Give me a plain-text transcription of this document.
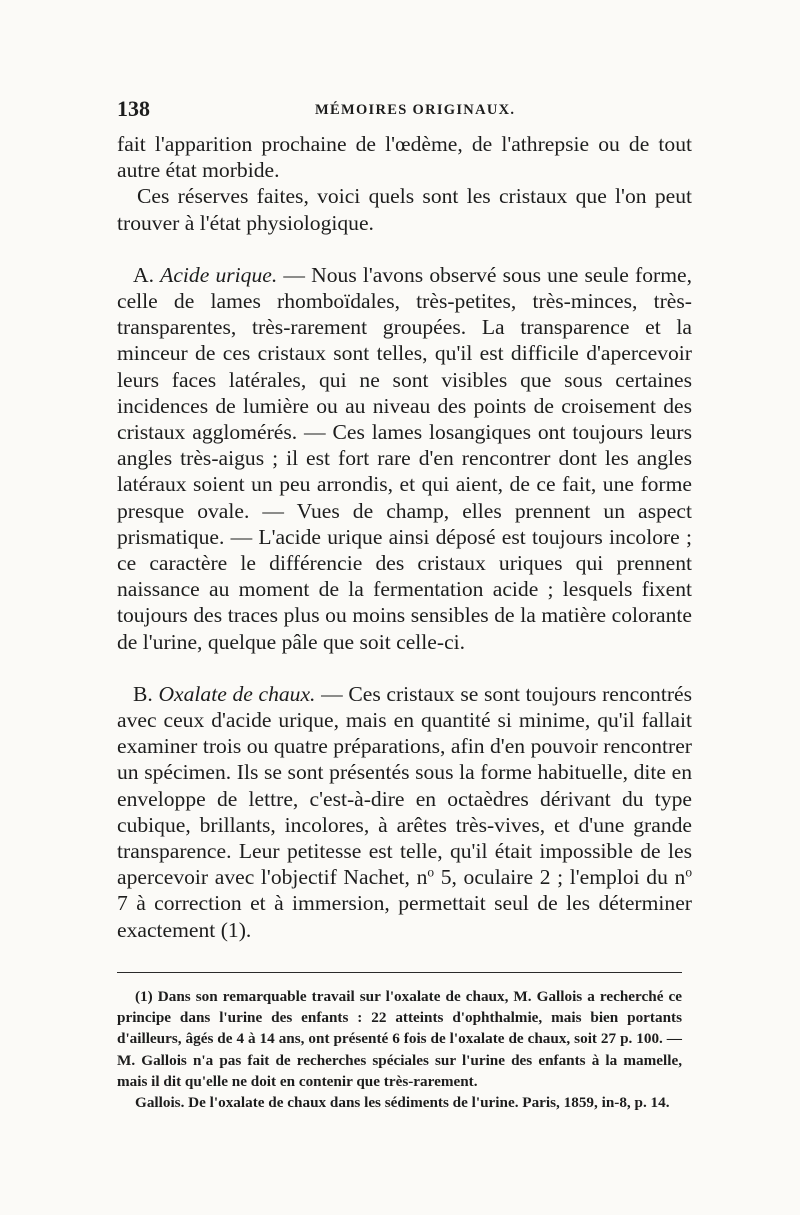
138	MÉMOIRES ORIGINAUX.

fait l'apparition prochaine de l'œdème, de l'athrepsie ou de tout autre état morbide.

Ces réserves faites, voici quels sont les cristaux que l'on peut trouver à l'état physiologique.

A. Acide urique. — Nous l'avons observé sous une seule forme, celle de lames rhomboïdales, très-petites, très-minces, très-transparentes, très-rarement groupées. La transparence et la minceur de ces cristaux sont telles, qu'il est difficile d'apercevoir leurs faces latérales, qui ne sont visibles que sous certaines incidences de lumière ou au niveau des points de croisement des cristaux agglomérés. — Ces lames losangiques ont toujours leurs angles très-aigus ; il est fort rare d'en rencontrer dont les angles latéraux soient un peu arrondis, et qui aient, de ce fait, une forme presque ovale. — Vues de champ, elles prennent un aspect prismatique. — L'acide urique ainsi déposé est toujours incolore ; ce caractère le différencie des cristaux uriques qui prennent naissance au moment de la fermentation acide ; lesquels fixent toujours des traces plus ou moins sensibles de la matière colorante de l'urine, quelque pâle que soit celle-ci.

B. Oxalate de chaux. — Ces cristaux se sont toujours rencontrés avec ceux d'acide urique, mais en quantité si minime, qu'il fallait examiner trois ou quatre préparations, afin d'en pouvoir rencontrer un spécimen. Ils se sont présentés sous la forme habituelle, dite en enveloppe de lettre, c'est-à-dire en octaèdres dérivant du type cubique, brillants, incolores, à arêtes très-vives, et d'une grande transparence. Leur petitesse est telle, qu'il était impossible de les apercevoir avec l'objectif Nachet, $n^o$ 5, oculaire 2 ; l'emploi du $n^o$ 7 à correction et à immersion, permettait seul de les déterminer exactement (1).

(1) Dans son remarquable travail sur l'oxalate de chaux, M. Gallois a recherché ce principe dans l'urine des enfants : 22 atteints d'ophthalmie, mais bien portants d'ailleurs, âgés de 4 à 14 ans, ont présenté 6 fois de l'oxalate de chaux, soit 27 p. 100. — M. Gallois n'a pas fait de recherches spéciales sur l'urine des enfants à la mamelle, mais il dit qu'elle ne doit en contenir que très-rarement.

Gallois. De l'oxalate de chaux dans les sédiments de l'urine. Paris, 1859, in-8, p. 14.
